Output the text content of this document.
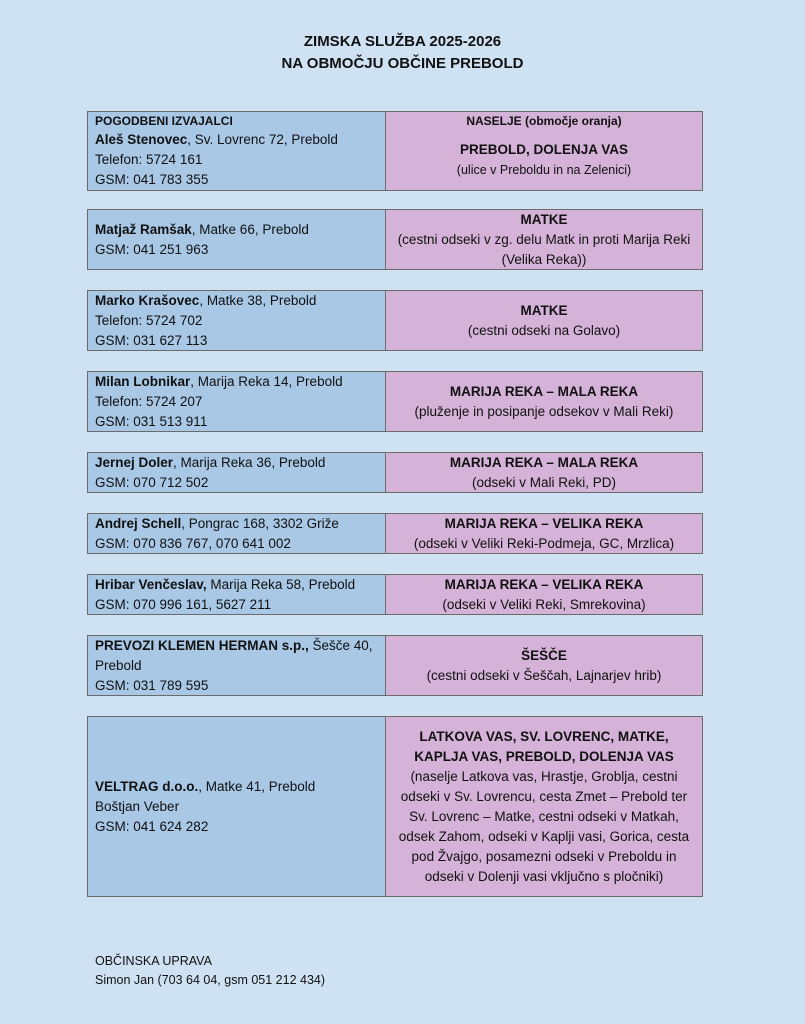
ZIMSKA SLUŽBA 2025-2026
NA OBMOČJU OBČINE PREBOLD
POGODBENI IZVAJALCI	NASELJE (območje oranja)
Aleš Stenovec, Sv. Lovrenc 72, Prebold
Telefon: 5724 161
GSM: 041 783 355
PREBOLD, DOLENJA VAS
(ulice v Preboldu in na Zelenici)
Matjaž Ramšak, Matke 66, Prebold
GSM: 041 251 963
MATKE
(cestni odseki v zg. delu Matk in proti Marija Reki (Velika Reka))
Marko Krašovec, Matke 38, Prebold
Telefon: 5724 702
GSM: 031 627 113
MATKE
(cestni odseki na Golavo)
Milan Lobnikar, Marija Reka 14, Prebold
Telefon: 5724 207
GSM: 031 513 911
MARIJA REKA – MALA REKA
(pluženje in posipanje odsekov v Mali Reki)
Jernej Doler, Marija Reka 36, Prebold
GSM: 070 712 502
MARIJA REKA – MALA REKA
(odseki v Mali Reki, PD)
Andrej Schell, Pongrac 168, 3302 Griže
GSM: 070 836 767, 070 641 002
MARIJA REKA – VELIKA REKA
(odseki v Veliki Reki-Podmeja, GC, Mrzlica)
Hribar Venčeslav, Marija Reka 58, Prebold
GSM: 070 996 161, 5627 211
MARIJA REKA – VELIKA REKA
(odseki v Veliki Reki, Smrekovina)
PREVOZI KLEMEN HERMAN s.p., Šešče 40, Prebold
GSM: 031 789 595
ŠEŠČE
(cestni odseki v Šeščah, Lajnarjev hrib)
VELTRAG d.o.o., Matke 41, Prebold
Boštjan Veber
GSM: 041 624 282
LATKOVA VAS, SV. LOVRENC, MATKE, KAPLJA VAS, PREBOLD, DOLENJA VAS
(naselje Latkova vas, Hrastje, Groblja, cestni odseki v Sv. Lovrencu, cesta Zmet – Prebold ter Sv. Lovrenc – Matke, cestni odseki v Matkah, odsek Zahom, odseki v Kaplji vasi, Gorica, cesta pod Žvajgo, posamezni odseki v Preboldu in odseki v Dolenji vasi vključno s pločniki)
OBČINSKA UPRAVA
Simon Jan (703 64 04, gsm 051 212 434)
